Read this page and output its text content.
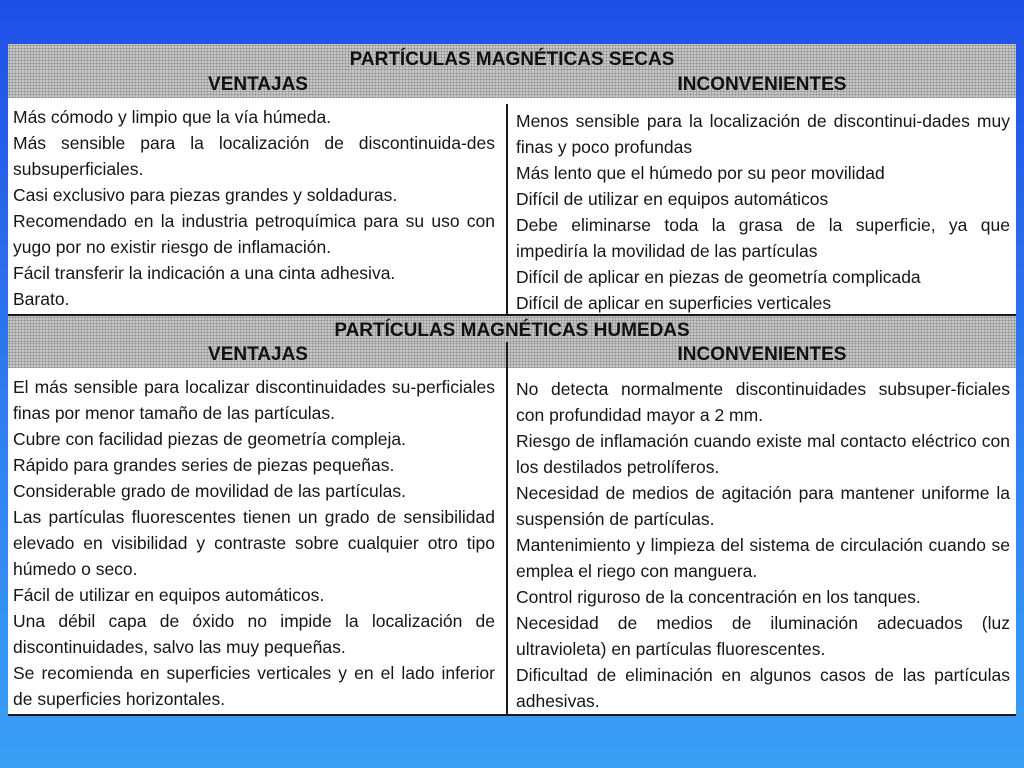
PARTÍCULAS MAGNÉTICAS SECAS
VENTAJAS	INCONVENIENTES
Más cómodo y limpio que la vía húmeda.
Más sensible para la localización de discontinuida-des subsuperficiales.
Casi exclusivo para piezas grandes y soldaduras.
Recomendado en la industria petroquímica para su uso con yugo por no existir riesgo de inflamación.
Fácil transferir la indicación a una cinta adhesiva.
Barato.
Menos sensible para la localización de discontinui-dades muy finas y poco profundas
Más lento que el húmedo por su peor movilidad
Difícil de utilizar en equipos automáticos
Debe eliminarse toda la grasa de la superficie, ya que impediría la movilidad de las partículas
Difícil de aplicar en piezas de geometría complicada
Difícil de aplicar en superficies verticales
PARTÍCULAS MAGNÉTICAS HUMEDAS
VENTAJAS	INCONVENIENTES
El más sensible para localizar discontinuidades su-perficiales finas por menor tamaño de las partículas.
Cubre con facilidad piezas de geometría compleja.
Rápido para grandes series de piezas pequeñas.
Considerable grado de movilidad de las partículas.
Las partículas fluorescentes tienen un grado de sensibilidad elevado en visibilidad y contraste sobre cualquier otro tipo húmedo o seco.
Fácil de utilizar en equipos automáticos.
Una débil capa de óxido no impide la localización de discontinuidades, salvo las muy pequeñas.
Se recomienda en superficies verticales y en el lado inferior de superficies horizontales.
No detecta normalmente discontinuidades subsuper-ficiales con profundidad mayor a 2 mm.
Riesgo de inflamación cuando existe mal contacto eléctrico con los destilados petrolíferos.
Necesidad de medios de agitación para mantener uniforme la suspensión de partículas.
Mantenimiento y limpieza del sistema de circulación cuando se emplea el riego con manguera.
Control riguroso de la concentración en los tanques.
Necesidad de medios de iluminación adecuados (luz ultravioleta) en partículas fluorescentes.
Dificultad de eliminación en algunos casos de las partículas adhesivas.
